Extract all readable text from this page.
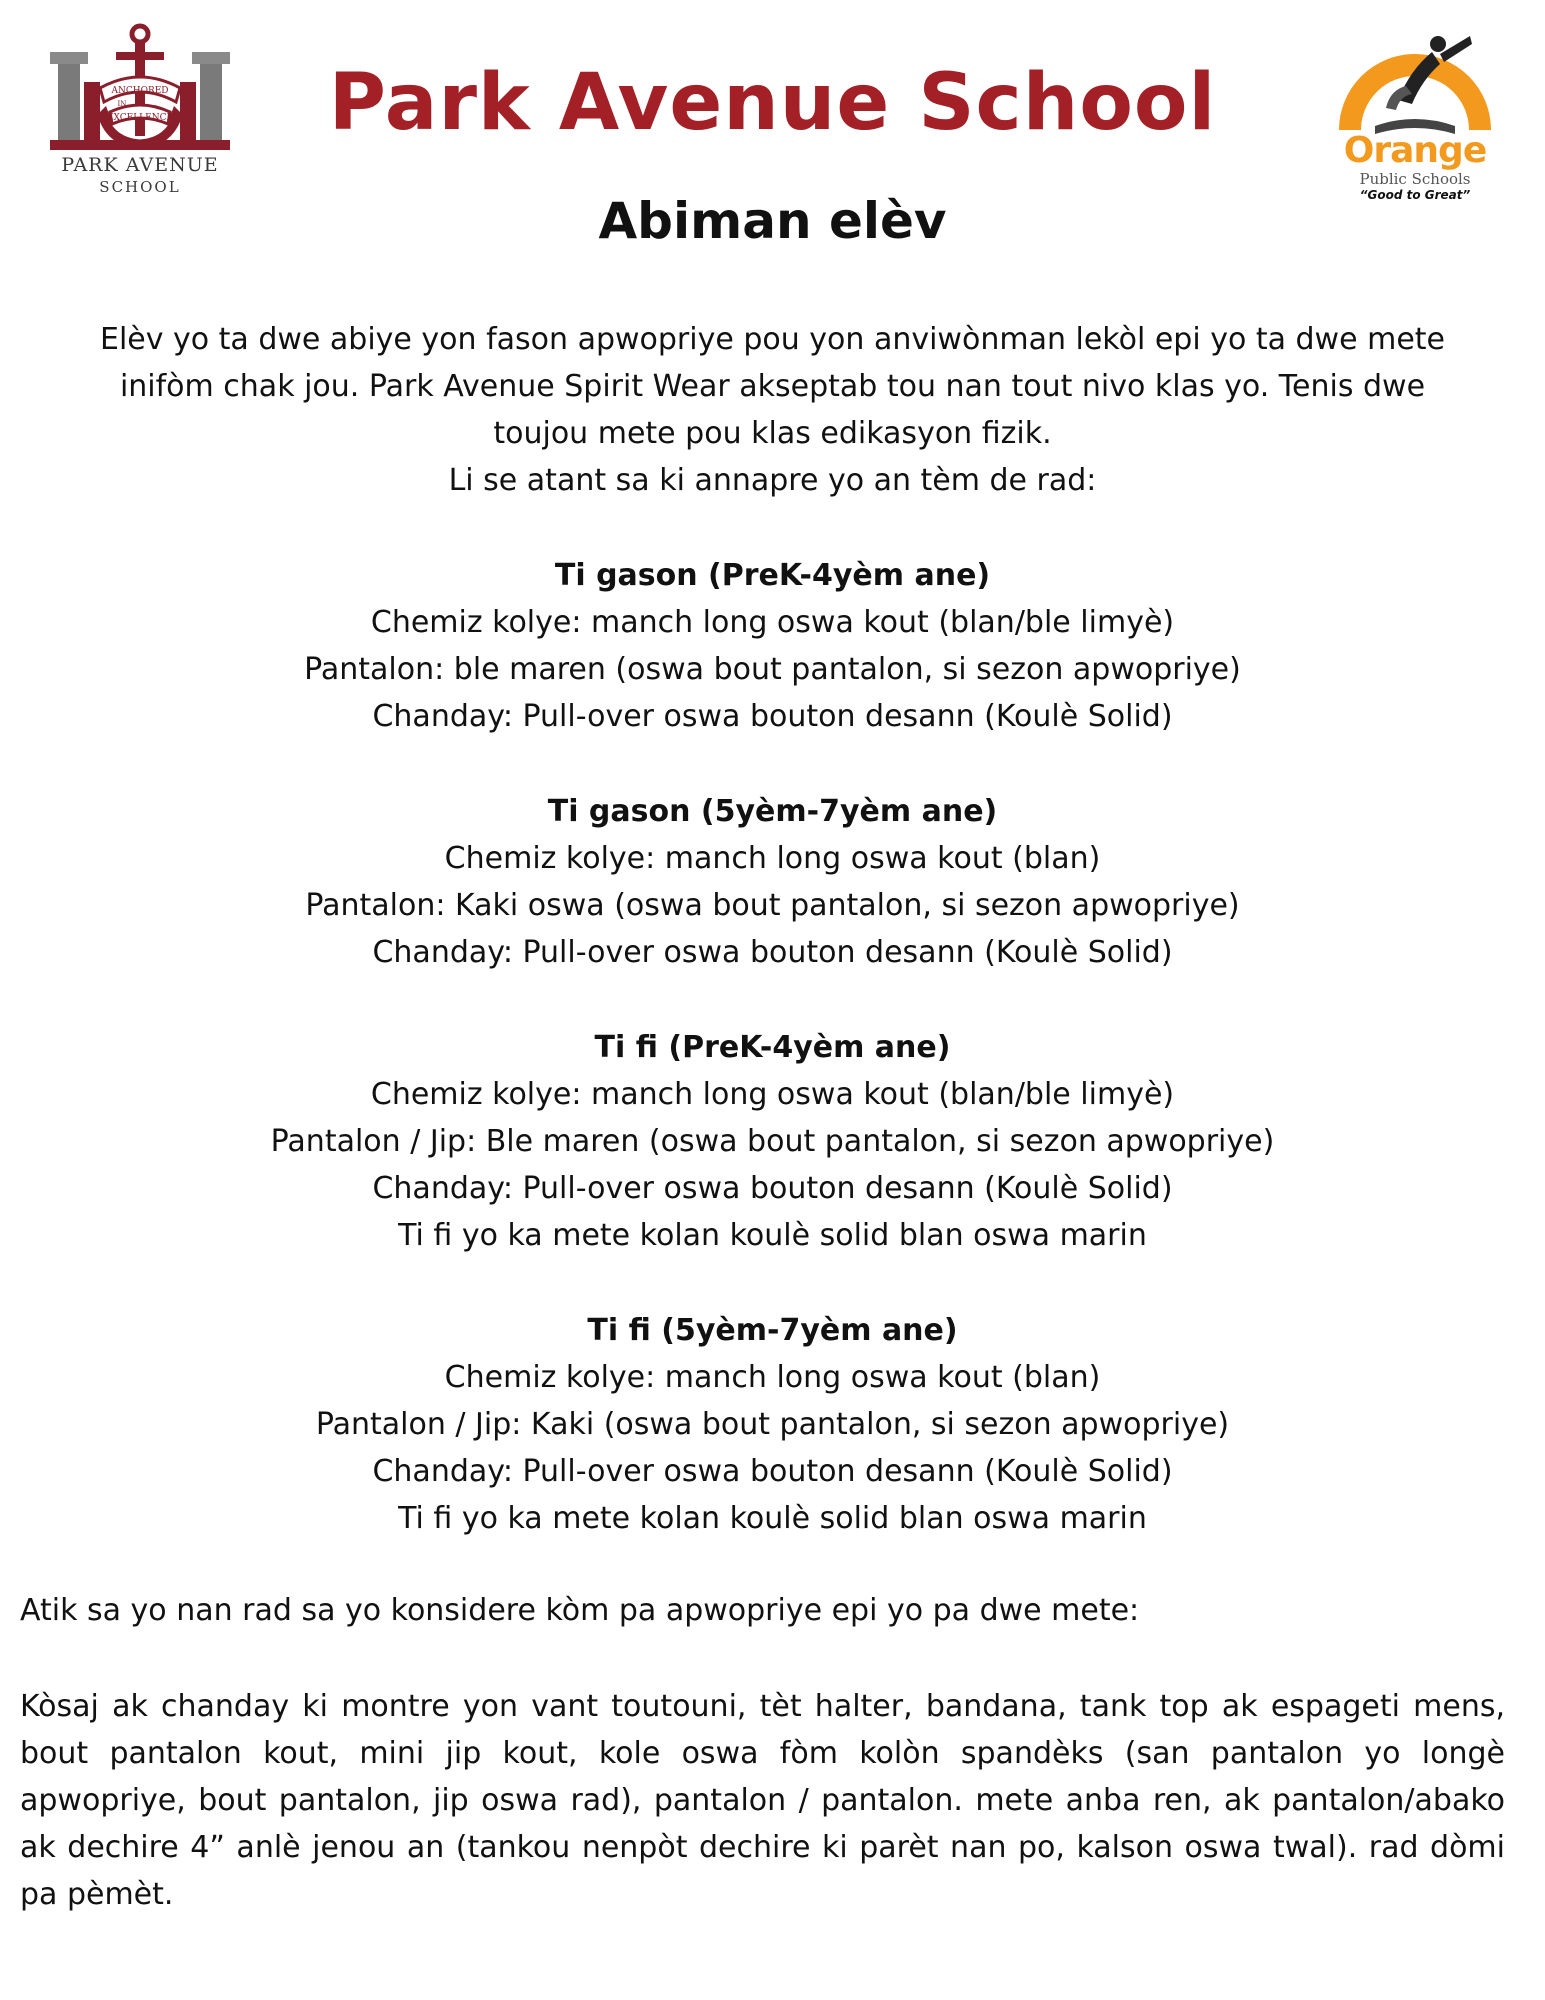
ANCHORED
IN
EXCELLENCE
PARK AVENUE
SCHOOL
Park Avenue School
Abiman elèv
Orange
Public Schools
“Good to Great”
Elèv yo ta dwe abiye yon fason apwopriye pou yon anviwònman lekòl epi yo ta dwe mete
inifòm chak jou. Park Avenue Spirit Wear akseptab tou nan tout nivo klas yo. Tenis dwe
toujou mete pou klas edikasyon fizik.
Li se atant sa ki annapre yo an tèm de rad:
Ti gason (PreK-4yèm ane)
Chemiz kolye: manch long oswa kout (blan/ble limyè)
Pantalon: ble maren (oswa bout pantalon, si sezon apwopriye)
Chanday: Pull-over oswa bouton desann (Koulè Solid)
Ti gason (5yèm-7yèm ane)
Chemiz kolye: manch long oswa kout (blan)
Pantalon: Kaki oswa (oswa bout pantalon, si sezon apwopriye)
Chanday: Pull-over oswa bouton desann (Koulè Solid)
Ti fi (PreK-4yèm ane)
Chemiz kolye: manch long oswa kout (blan/ble limyè)
Pantalon / Jip: Ble maren (oswa bout pantalon, si sezon apwopriye)
Chanday: Pull-over oswa bouton desann (Koulè Solid)
Ti fi yo ka mete kolan koulè solid blan oswa marin
Ti fi (5yèm-7yèm ane)
Chemiz kolye: manch long oswa kout (blan)
Pantalon / Jip: Kaki (oswa bout pantalon, si sezon apwopriye)
Chanday: Pull-over oswa bouton desann (Koulè Solid)
Ti fi yo ka mete kolan koulè solid blan oswa marin
Atik sa yo nan rad sa yo konsidere kòm pa apwopriye epi yo pa dwe mete:
Kòsaj ak chanday ki montre yon vant toutouni, tèt halter, bandana, tank top ak espageti mens, bout pantalon kout, mini jip kout, kole oswa fòm kolòn spandèks (san pantalon yo longè apwopriye, bout pantalon, jip oswa rad), pantalon / pantalon. mete anba ren, ak pantalon/abako ak dechire 4” anlè jenou an (tankou nenpòt dechire ki parèt nan po, kalson oswa twal). rad dòmi pa pèmèt.
